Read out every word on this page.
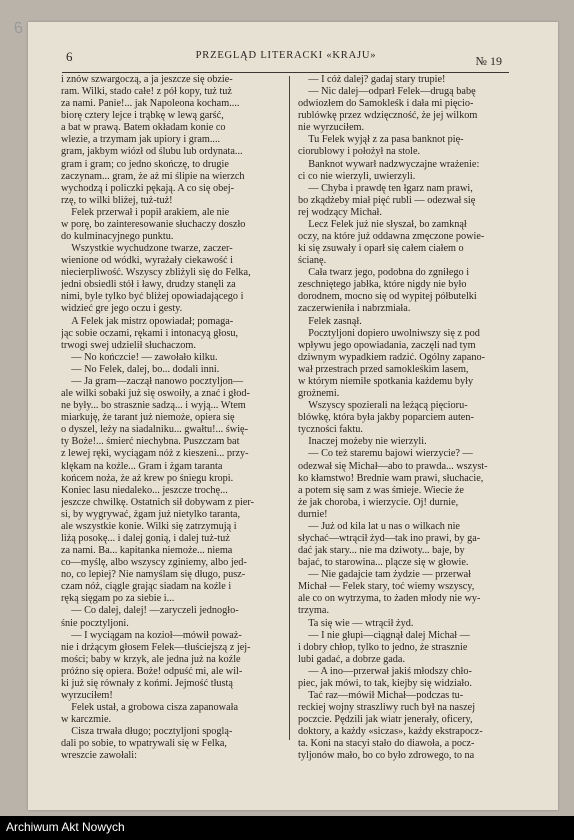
6
6	PRZEGLĄD LITERACKI «KRAJU»	№ 19
i znów szwargoczą, a ja jeszcze się obzie-
ram. Wilki, stado całe! z pół kopy, tuż tuż
za nami. Panie!... jak Napoleona kocham....
biorę cztery lejce i trąbkę w lewą garść,
a bat w prawą. Batem okładam konie co
wlezie, a trzymam jak upiory i gram....
gram, jakbym wiózł od ślubu lub ordynata...
gram i gram; co jedno skończę, to drugie
zaczynam... gram, że aż mi ślipie na wierzch
wychodzą i policzki pękają. A co się obej-
rzę, to wilki bliżej, tuż-tuż!
Felek przerwał i popił arakiem, ale nie
w porę, bo zainteresowanie słuchaczy doszło
do kulminacyjnego punktu.
Wszystkie wychudzone twarze, zaczer-
wienione od wódki, wyrażały ciekawość i
niecierpliwość. Wszyscy zbliżyli się do Felka,
jedni obsiedli stół i ławy, drudzy stanęli za
nimi, byle tylko być bliżej opowiadającego i
widzieć gre jego oczu i gesty.
A Felek jak mistrz opowiadał; pomaga-
jąc sobie oczami, rękami i intonacyą głosu,
trwogi swej udzielił słuchaczom.
— No kończcie! — zawołało kilku.
— No Felek, dalej, bo... dodali inni.
— Ja gram—zaczął nanowo pocztyljon—
ale wilki sobaki już się oswoiły, a znać i głod-
ne były... bo strasznie sadzą... i wyją... Wtem
miarkuję, że tarant już niemoże, opiera się
o dyszel, leży na siadalniku... gwałtu!... świę-
ty Boże!... śmierć niechybna. Puszczam bat
z lewej ręki, wyciągam nóż z kieszeni... przy-
klękam na koźle... Gram i żgam taranta
końcem noża, że aż krew po śniegu kropi.
Koniec lasu niedaleko... jeszcze trochę...
jeszcze chwilkę. Ostatnich sił dobywam z pier-
si, by wygrywać, żgam już nietylko taranta,
ale wszystkie konie. Wilki się zatrzymują i
liżą posokę... i dalej gonią, i dalej tuż-tuż
za nami. Ba... kapitanka niemoże... niema
co—myślę, albo wszyscy zginiemy, albo jed-
no, co lepiej? Nie namyślam się długo, pusz-
czam nóż, ciągle grając siadam na koźle i
ręką sięgam po za siebie i...
— Co dalej, dalej! —zaryczeli jednogło-
śnie pocztyljoni.
— I wyciągam na kozioł—mówił poważ-
nie i drżącym głosem Felek—tłuściejszą z jej-
mości; baby w krzyk, ale jedna już na koźle
próżno się opiera. Boże! odpuść mi, ale wil-
ki już się równały z końmi. Jejmość tłustą
wyrzuciłem!
Felek ustał, a grobowa cisza zapanowała
w karczmie.
Cisza trwała długo; pocztyljoni spoglą-
dali po sobie, to wpatrywali się w Felka,
wreszcie zawołali:
— I cóż dalej? gadaj stary trupie!
— Nic dalej—odparł Felek—drugą babę
odwiozłem do Samokleśk i dała mi pięcio-
rublówkę przez wdzięczność, że jej wilkom
nie wyrzuciłem.
Tu Felek wyjął z za pasa banknot pię-
ciorublowy i położył na stole.
Banknot wywarł nadzwyczajne wrażenie:
ci co nie wierzyli, uwierzyli.
— Chyba i prawdę ten łgarz nam prawi,
bo zkądżeby miał pięć rubli — odezwał się
rej wodzący Michał.
Lecz Felek już nie słyszał, bo zamknął
oczy, na które już oddawna zmęczone powie-
ki się zsuwały i oparł się całem ciałem o
ścianę.
Cała twarz jego, podobna do zgniłego i
zeschniętego jabłka, które nigdy nie było
dorodnem, mocno się od wypitej półbutelki
zaczerwieniła i nabrzmiała.
Felek zasnął.
Pocztyljoni dopiero uwolniwszy się z pod
wpływu jego opowiadania, zaczęli nad tym
dziwnym wypadkiem radzić. Ogólny zapano-
wał przestrach przed samokleśkim lasem,
w którym niemiłe spotkania każdemu były
grożnemi.
Wszyscy spozierali na leżącą pięcioru-
blówkę, która była jakby poparciem auten-
tyczności faktu.
Inaczej możeby nie wierzyli.
— Co też staremu bajowi wierzycie? —
odezwał się Michał—abo to prawda... wszyst-
ko kłamstwo! Brednie wam prawi, słuchacie,
a potem się sam z was śmieje. Wiecie że
że jak choroba, i wierzycie. Oj! durnie,
durnie!
— Już od kila lat u nas o wilkach nie
słychać—wtrącił żyd—tak ino prawi, by ga-
dać jak stary... nie ma dziwoty... baje, by
bajać, to starowina... plącze się w głowie.
— Nie gadajcie tam żydzie — przerwał
Michał — Felek stary, toć wiemy wszyscy,
ale co on wytrzyma, to żaden młody nie wy-
trzyma.
Ta się wie — wtrącił żyd.
— I nie głupi—ciągnął dalej Michał —
i dobry chłop, tylko to jedno, że strasznie
lubi gadać, a dobrze gada.
— A ino—przerwał jakiś młodszy chło-
piec, jak mówi, to tak, kiejby się widziało.
Tać raz—mówił Michał—podczas tu-
reckiej wojny straszliwy ruch był na naszej
poczcie. Pędzili jak wiatr jenerały, oficery,
doktory, a każdy «siczas», każdy ekstrapocz-
ta. Koni na stacyi stało do diawoła, a pocz-
tyljonów mało, bo co było zdrowego, to na
Archiwum Akt Nowych
